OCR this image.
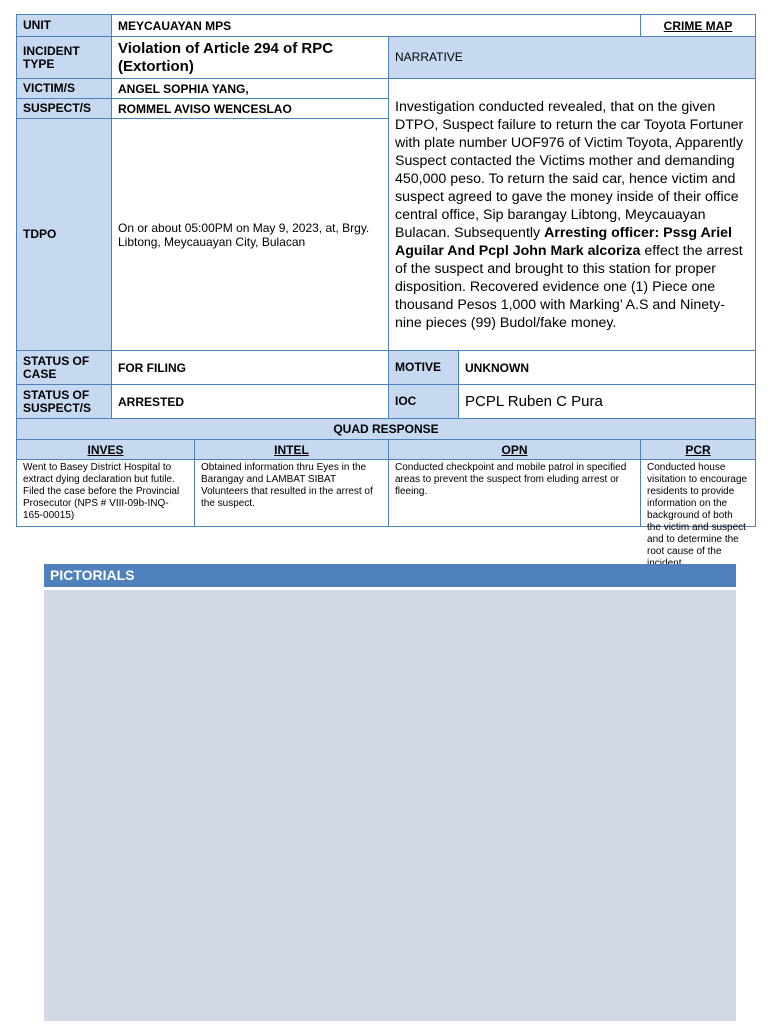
UNIT	MEYCAUAYAN MPS				CRIME MAP
INCIDENT TYPE	Violation of Article 294 of RPC (Extortion)		NARRATIVE		
VICTIM/S	ANGEL SOPHIA YANG,		Investigation conducted revealed, that on the given DTPO, Suspect failure to return the car Toyota Fortuner with plate number UOF976 of Victim Toyota, Apparently Suspect contacted the Victims mother and demanding 450,000 peso. To return the said car, hence victim and suspect agreed to gave the money inside of their office central office, Sip barangay Libtong, Meycauayan Bulacan. Subsequently Arresting officer: Pssg Ariel Aguilar And Pcpl John Mark alcoriza effect the arrest of the suspect and brought to this station for proper disposition. Recovered evidence one (1) Piece one thousand Pesos 1,000 with Marking’ A.S and Ninety-nine pieces (99) Budol/fake money.		
SUSPECT/S	ROMMEL AVISO WENCESLAO				
TDPO	On or about 05:00PM on May 9, 2023, at, Brgy. Libtong, Meycauayan City, Bulacan				
STATUS OF CASE	FOR FILING		MOTIVE	UNKNOWN	
STATUS OF SUSPECT/S	ARRESTED		IOC	PCPL Ruben C Pura	
QUAD RESPONSE					
INVES		INTEL	OPN		PCR

Went to Basey District Hospital to extract dying declaration but futile.
Filed the case before the Provincial Prosecutor (NPS # VIII-09b-INQ-165-00015)		Obtained information thru Eyes in the Barangay and LAMBAT SIBAT Volunteers that resulted in the arrest of the suspect.	Conducted checkpoint and mobile patrol in specified areas to prevent the suspect from eluding arrest or fleeing.		Conducted house visitation to encourage residents to provide information on the background of both the victim and suspect and to determine the root cause of the
PICTORIALS
